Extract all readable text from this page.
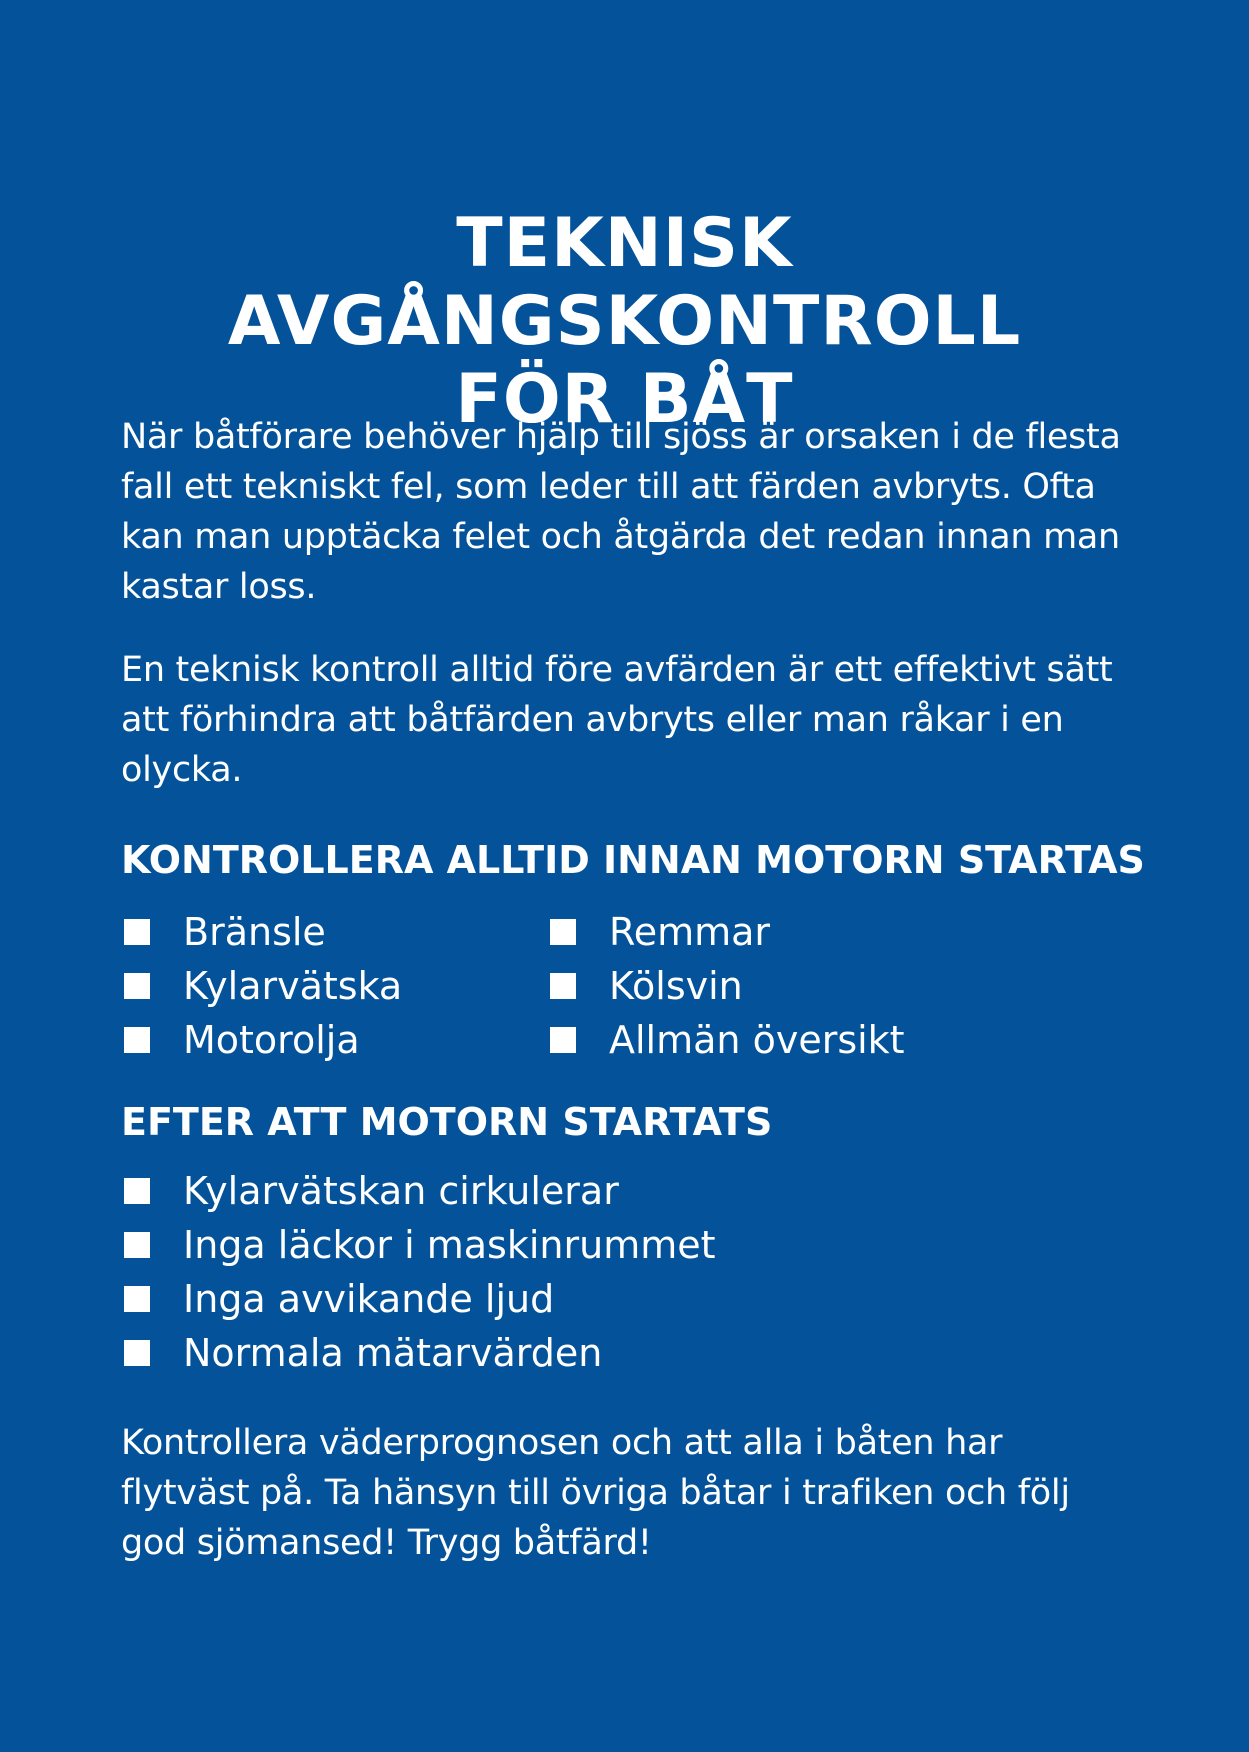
TEKNISK AVGÅNGSKONTROLL
FÖR BÅT

När båtförare behöver hjälp till sjöss är orsaken i de flesta fall ett tekniskt fel, som leder till att färden avbryts. Ofta kan man upptäcka felet och åtgärda det redan innan man kastar loss.

En teknisk kontroll alltid före avfärden är ett effektivt sätt att förhindra att båtfärden avbryts eller man råkar i en olycka.

KONTROLLERA ALLTID INNAN MOTORN STARTAS
Bränsle
Kylarvätska
Motorolja
Remmar
Kölsvin
Allmän översikt
EFTER ATT MOTORN STARTATS
Kylarvätskan cirkulerar
Inga läckor i maskinrummet
Inga avvikande ljud
Normala mätarvärden

Kontrollera väderprognosen och att alla i båten har flytväst på. Ta hänsyn till övriga båtar i trafiken och följ god sjömansed! Trygg båtfärd!
